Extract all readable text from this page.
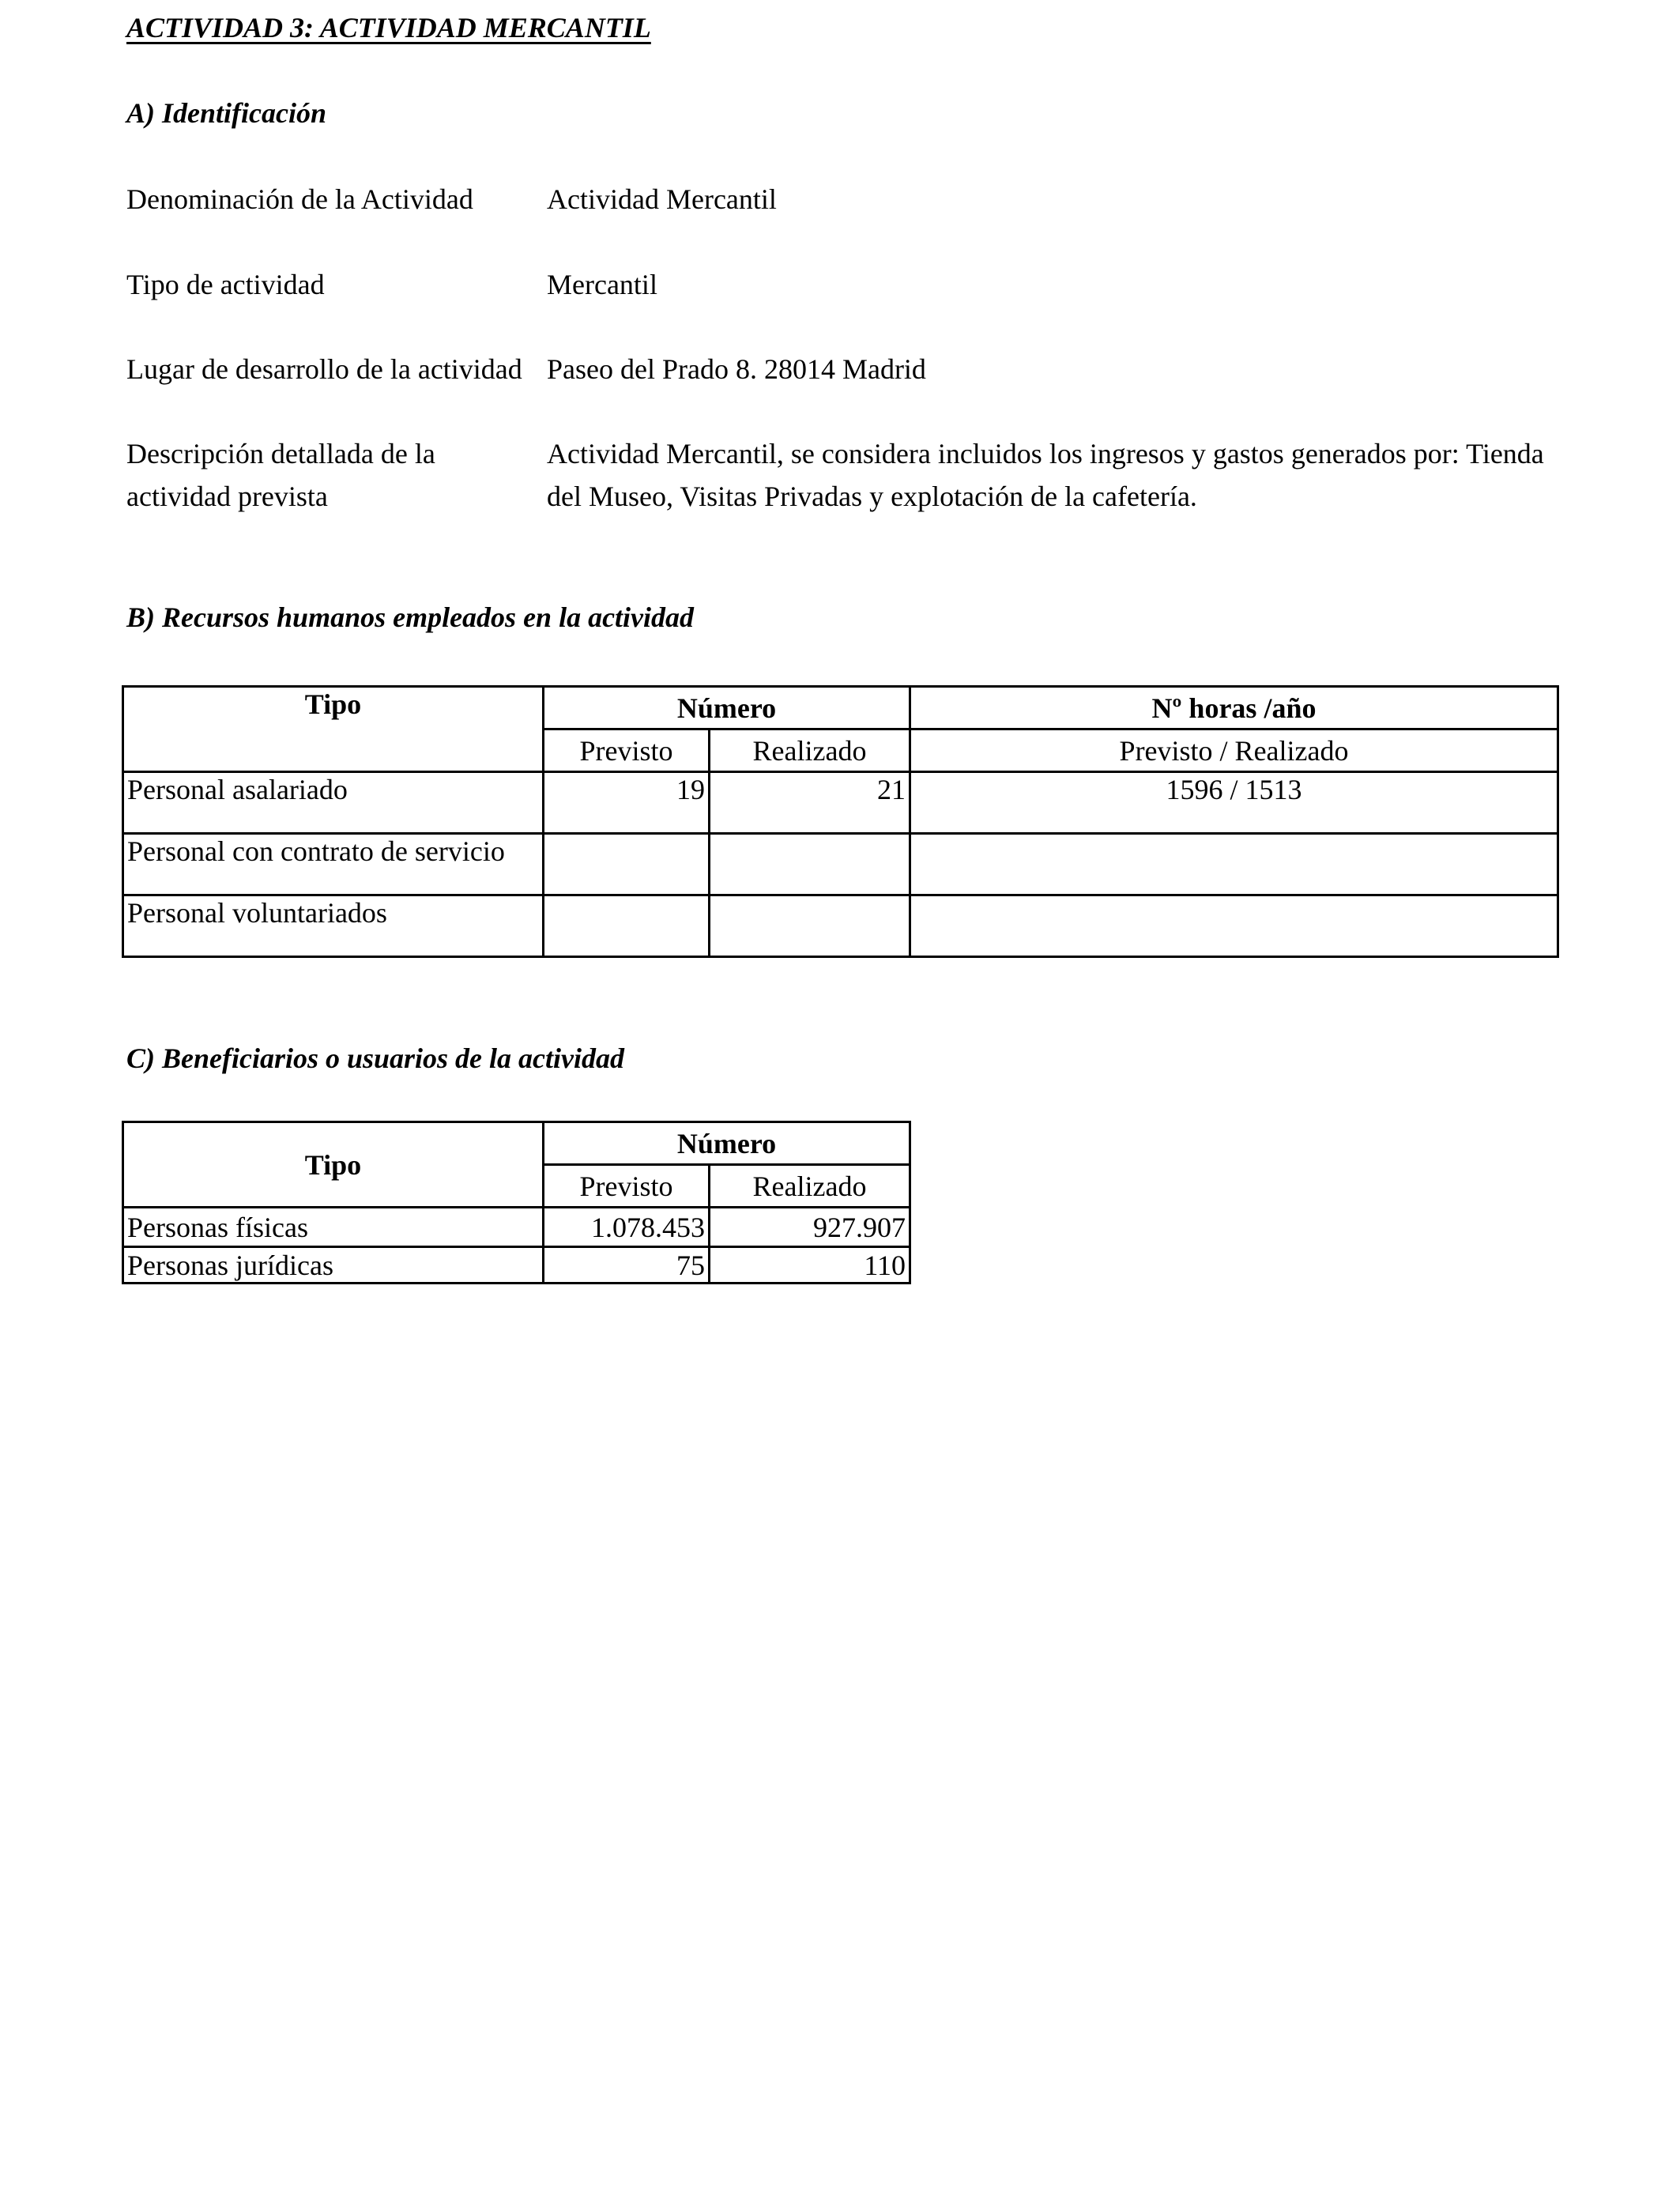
ACTIVIDAD 3: ACTIVIDAD MERCANTIL
A) Identificación
Denominación de la Actividad	Actividad Mercantil
Tipo de actividad	Mercantil
Lugar de desarrollo de la actividad Paseo del Prado 8. 28014 Madrid
Descripción detallada de la actividad prevista
Actividad Mercantil, se considera incluidos los ingresos y gastos generados por: Tienda del Museo, Visitas Privadas y explotación de la cafetería.
B) Recursos humanos empleados en la actividad
Tipo	Número		Nº horas /año
	Previsto	Realizado	Previsto / Realizado
Personal asalariado	19	21	1596 / 1513
Personal con contrato de servicio			
Personal voluntariados			
C) Beneficiarios o usuarios de la actividad
Tipo	Número	
	Previsto	Realizado
Personas físicas	1.078.453	927.907
Personas jurídicas	75	110
